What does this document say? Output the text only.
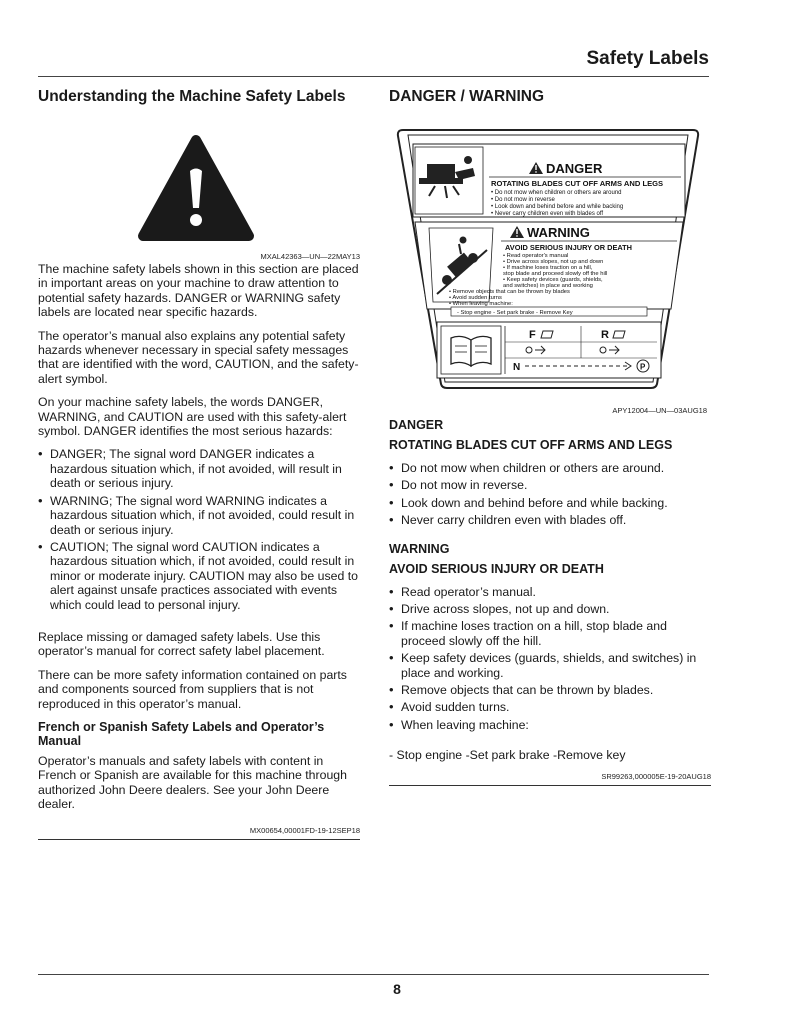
Safety Labels
Understanding the Machine Safety Labels
MXAL42363—UN—22MAY13

The machine safety labels shown in this section are placed in important areas on your machine to draw attention to potential safety hazards. DANGER or WARNING safety labels are located near specific hazards.

The operator’s manual also explains any potential safety hazards whenever necessary in special safety messages that are identified with the word, CAUTION, and the safety-alert symbol.

On your machine safety labels, the words DANGER, WARNING, and CAUTION are used with this safety-alert symbol. DANGER identifies the most serious hazards:

• DANGER; The signal word DANGER indicates a hazardous situation which, if not avoided, will result in death or serious injury.
• WARNING; The signal word WARNING indicates a hazardous situation which, if not avoided, could result in death or serious injury.
• CAUTION; The signal word CAUTION indicates a hazardous situation which, if not avoided, could result in minor or moderate injury. CAUTION may also be used to alert against unsafe practices associated with events which could lead to personal injury.

Replace missing or damaged safety labels. Use this operator’s manual for correct safety label placement.

There can be more safety information contained on parts and components sourced from suppliers that is not reproduced in this operator’s manual.

French or Spanish Safety Labels and Operator’s Manual

Operator’s manuals and safety labels with content in French or Spanish are available for this machine through authorized John Deere dealers. See your John Deere dealer.

MX00654,00001FD-19-12SEP18
DANGER / WARNING
DANGER
ROTATING BLADES CUT OFF ARMS AND LEGS
• Do not mow when children or others are around
• Do not mow in reverse
• Look down and behind before and while backing
• Never carry children even with blades off
WARNING
AVOID SERIOUS INJURY OR DEATH
• Read operator's manual
• Drive across slopes, not up and down
• If machine loses traction on a hill,
stop blade and proceed slowly off the hill
• Keep safety devices (guards, shields,
and switches) in place and working
• Remove objects that can be thrown by blades
• Avoid sudden turns
• When leaving machine:
- Stop engine - Set park brake - Remove Key
F	R
N	P
APY12004—UN—03AUG18
DANGER
ROTATING BLADES CUT OFF ARMS AND LEGS
• Do not mow when children or others are around.
• Do not mow in reverse.
• Look down and behind before and while backing.
• Never carry children even with blades off.
WARNING
AVOID SERIOUS INJURY OR DEATH
• Read operator’s manual.
• Drive across slopes, not up and down.
• If machine loses traction on a hill, stop blade and proceed slowly off the hill.
• Keep safety devices (guards, shields, and switches) in place and working.
• Remove objects that can be thrown by blades.
• Avoid sudden turns.
• When leaving machine:

- Stop engine -Set park brake -Remove key

SR99263,000005E-19-20AUG18
8
